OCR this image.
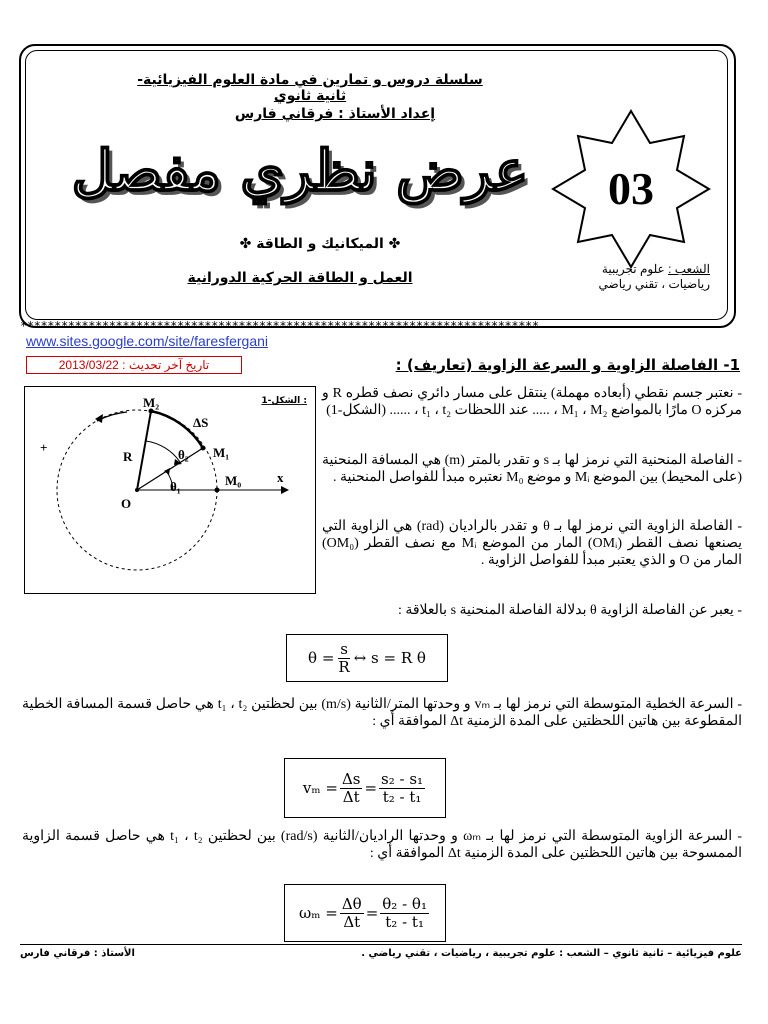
سلسلة دروس و تمارين في مادة العلوم الفيزيائية- ثانية ثانوي
إعداد الأستاذ : فرقاني فارس
عرض نظري مفصل
✤ الميكانيك و الطاقة ✤
العمل و الطاقة الحركية الدورانية
03
الشعب : علوم تجريبية
رياضيات ، تقني رياضي
****************************************************************************
www.sites.google.com/site/faresfergani
تاريخ آخر تحديث : 2013/03/22	1- الفاصلة الزاوية و السرعة الزاوية (تعاريف) :
الشكل-1 :
M₂
M₁
M₀
O
R
θ₁
θ₂
ΔS
x
+
- نعتبر جسم نقطي (أبعاده مهملة) ينتقل على مسار دائري نصف قطره R و مركزه O مارًا بالمواضع M₁ ، M₂ ، ..... عند اللحظات t₁ ، t₂ ، ...... (الشكل-1)
- الفاصلة المنحنية التي نرمز لها بـ s و تقدر بالمتر (m) هي المسافة المنحنية (على المحيط) بين الموضع Mᵢ و موضع M₀ نعتبره مبدأ للفواصل المنحنية .
- الفاصلة الزاوية التي نرمز لها بـ θ و تقدر بالراديان (rad) هي الزاوية التي يصنعها نصف القطر (OMᵢ) المار من الموضع Mᵢ مع نصف القطر (OM₀) المار من O و الذي يعتبر مبدأ للفواصل الزاوية .
- يعبر عن الفاصلة الزاوية θ بدلالة الفاصلة المنحنية s بالعلاقة :
$\theta = \frac{s}{R}$ ↔ s = R θ
- السرعة الخطية المتوسطة التي نرمز لها بـ vₘ و وحدتها المتر/الثانية (m/s) بين لحظتين t₁ ، t₂ هي حاصل قسمة المسافة الخطية المقطوعة بين هاتين اللحظتين على المدة الزمنية Δt الموافقة أي :
$v_m = \frac{\Delta s}{\Delta t} = \frac{\text{s₂ - s₁}}{\text{t₂ - t₁}}$
- السرعة الزاوية المتوسطة التي نرمز لها بـ ωₘ و وحدتها الراديان/الثانية (rad/s) بين لحظتين t₁ ، t₂ هي حاصل قسمة الزاوية الممسوحة بين هاتين اللحظتين على المدة الزمنية Δt الموافقة أي :
$\omega_m = \frac{\Delta\theta}{\Delta t} = \frac{\text{θ₂ - θ₁}}{\text{t₂ - t₁}}$
علوم فيزيائية – ثانية ثانوي – الشعب : علوم تجريبية ، رياضيات ، تقني رياضي .
الأستاذ : فرقاني فارس
